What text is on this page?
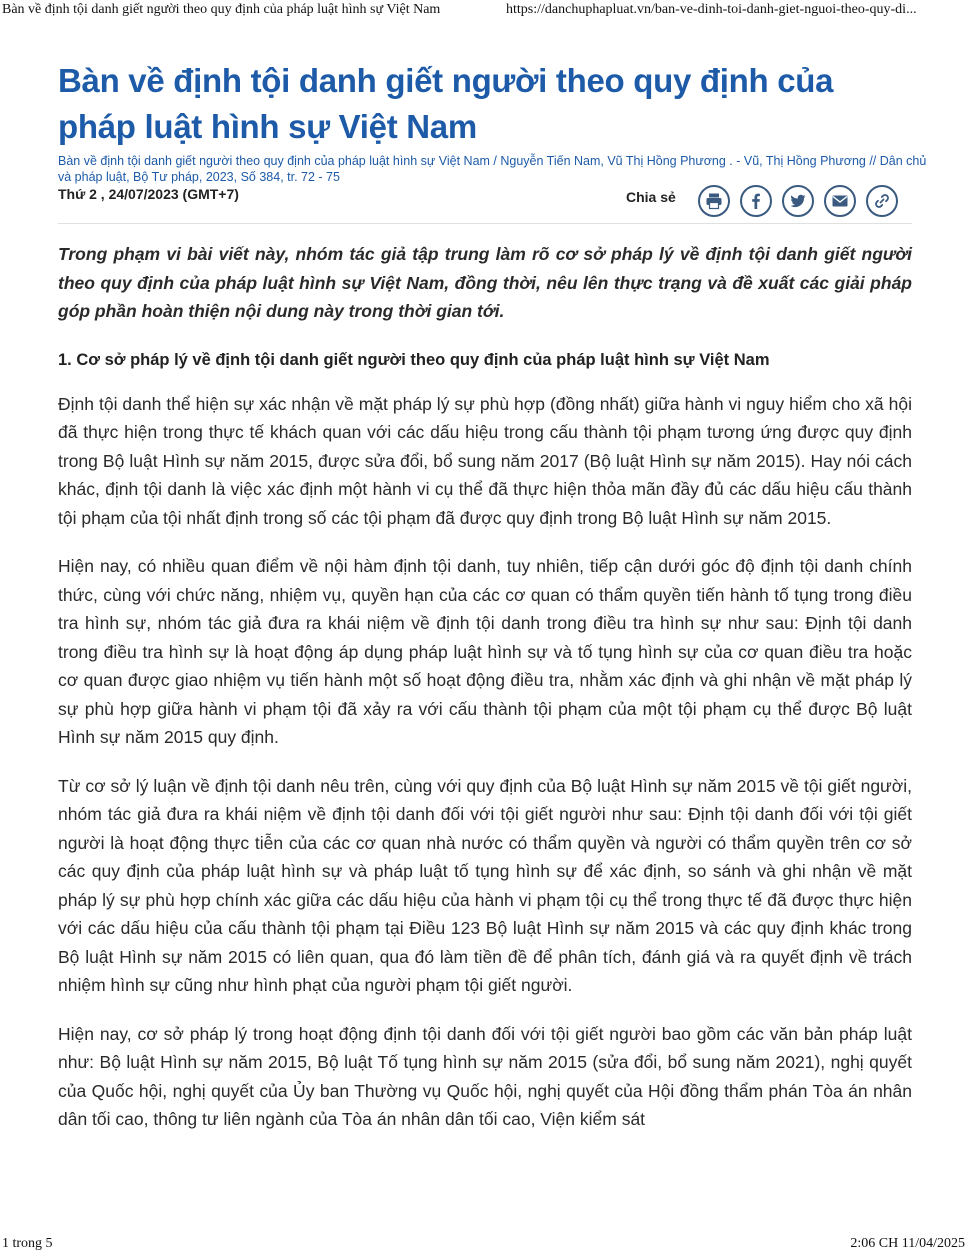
Bàn về định tội danh giết người theo quy định của pháp luật hình sự Việt Nam	https://danchuphapluat.vn/ban-ve-dinh-toi-danh-giet-nguoi-theo-quy-di...
Bàn về định tội danh giết người theo quy định của pháp luật hình sự Việt Nam
Bàn về định tội danh giết người theo quy định của pháp luật hình sự Việt Nam / Nguyễn Tiến Nam, Vũ Thị Hồng Phương . - Vũ, Thị Hồng Phương // Dân chủ và pháp luật, Bộ Tư pháp, 2023, Số 384, tr. 72 - 75
Thứ 2 , 24/07/2023 (GMT+7)	Chia sẻ

Trong phạm vi bài viết này, nhóm tác giả tập trung làm rõ cơ sở pháp lý về định tội danh giết người theo quy định của pháp luật hình sự Việt Nam, đồng thời, nêu lên thực trạng và đề xuất các giải pháp góp phần hoàn thiện nội dung này trong thời gian tới.

1. Cơ sở pháp lý về định tội danh giết người theo quy định của pháp luật hình sự Việt Nam

Định tội danh thể hiện sự xác nhận về mặt pháp lý sự phù hợp (đồng nhất) giữa hành vi nguy hiểm cho xã hội đã thực hiện trong thực tế khách quan với các dấu hiệu trong cấu thành tội phạm tương ứng được quy định trong Bộ luật Hình sự năm 2015, được sửa đổi, bổ sung năm 2017 (Bộ luật Hình sự năm 2015). Hay nói cách khác, định tội danh là việc xác định một hành vi cụ thể đã thực hiện thỏa mãn đầy đủ các dấu hiệu cấu thành tội phạm của tội nhất định trong số các tội phạm đã được quy định trong Bộ luật Hình sự năm 2015.

Hiện nay, có nhiều quan điểm về nội hàm định tội danh, tuy nhiên, tiếp cận dưới góc độ định tội danh chính thức, cùng với chức năng, nhiệm vụ, quyền hạn của các cơ quan có thẩm quyền tiến hành tố tụng trong điều tra hình sự, nhóm tác giả đưa ra khái niệm về định tội danh trong điều tra hình sự như sau: Định tội danh trong điều tra hình sự là hoạt động áp dụng pháp luật hình sự và tố tụng hình sự của cơ quan điều tra hoặc cơ quan được giao nhiệm vụ tiến hành một số hoạt động điều tra, nhằm xác định và ghi nhận về mặt pháp lý sự phù hợp giữa hành vi phạm tội đã xảy ra với cấu thành tội phạm của một tội phạm cụ thể được Bộ luật Hình sự năm 2015 quy định.

Từ cơ sở lý luận về định tội danh nêu trên, cùng với quy định của Bộ luật Hình sự năm 2015 về tội giết người, nhóm tác giả đưa ra khái niệm về định tội danh đối với tội giết người như sau: Định tội danh đối với tội giết người là hoạt động thực tiễn của các cơ quan nhà nước có thẩm quyền và người có thẩm quyền trên cơ sở các quy định của pháp luật hình sự và pháp luật tố tụng hình sự để xác định, so sánh và ghi nhận về mặt pháp lý sự phù hợp chính xác giữa các dấu hiệu của hành vi phạm tội cụ thể trong thực tế đã được thực hiện với các dấu hiệu của cấu thành tội phạm tại Điều 123 Bộ luật Hình sự năm 2015 và các quy định khác trong Bộ luật Hình sự năm 2015 có liên quan, qua đó làm tiền đề để phân tích, đánh giá và ra quyết định về trách nhiệm hình sự cũng như hình phạt của người phạm tội giết người.

Hiện nay, cơ sở pháp lý trong hoạt động định tội danh đối với tội giết người bao gồm các văn bản pháp luật như: Bộ luật Hình sự năm 2015, Bộ luật Tố tụng hình sự năm 2015 (sửa đổi, bổ sung năm 2021), nghị quyết của Quốc hội, nghị quyết của Ủy ban Thường vụ Quốc hội, nghị quyết của Hội đồng thẩm phán Tòa án nhân dân tối cao, thông tư liên ngành của Tòa án nhân dân tối cao, Viện kiểm sát

1 trong 5	2:06 CH 11/04/2025
